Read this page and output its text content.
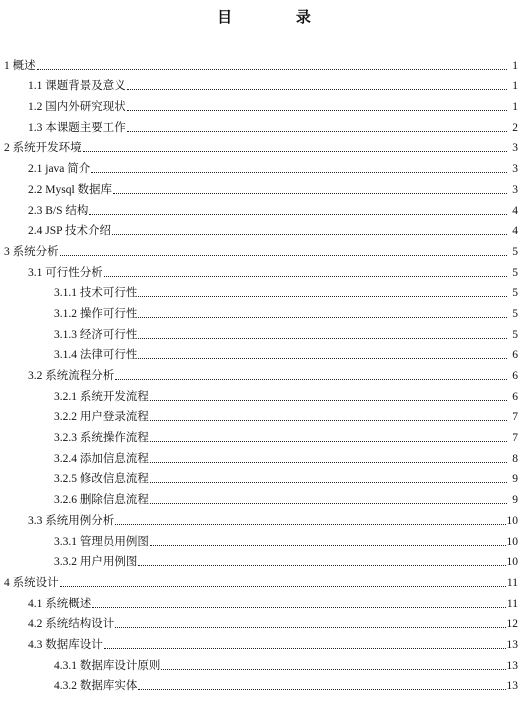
目 录
1 概述	1
1.1 课题背景及意义	1
1.2 国内外研究现状	1
1.3 本课题主要工作	2
2 系统开发环境	3
2.1 java 简介	3
2.2 Mysql 数据库	3
2.3 B/S 结构	4
2.4 JSP 技术介绍	4
3 系统分析	5
3.1 可行性分析	5
3.1.1 技术可行性	5
3.1.2 操作可行性	5
3.1.3 经济可行性	5
3.1.4 法律可行性	6
3.2 系统流程分析	6
3.2.1 系统开发流程	6
3.2.2 用户登录流程	7
3.2.3 系统操作流程	7
3.2.4 添加信息流程	8
3.2.5 修改信息流程	9
3.2.6 删除信息流程	9
3.3 系统用例分析	10
3.3.1 管理员用例图	10
3.3.2 用户用例图	10
4 系统设计	11
4.1 系统概述	11
4.2 系统结构设计	12
4.3 数据库设计	13
4.3.1 数据库设计原则	13
4.3.2 数据库实体	13
